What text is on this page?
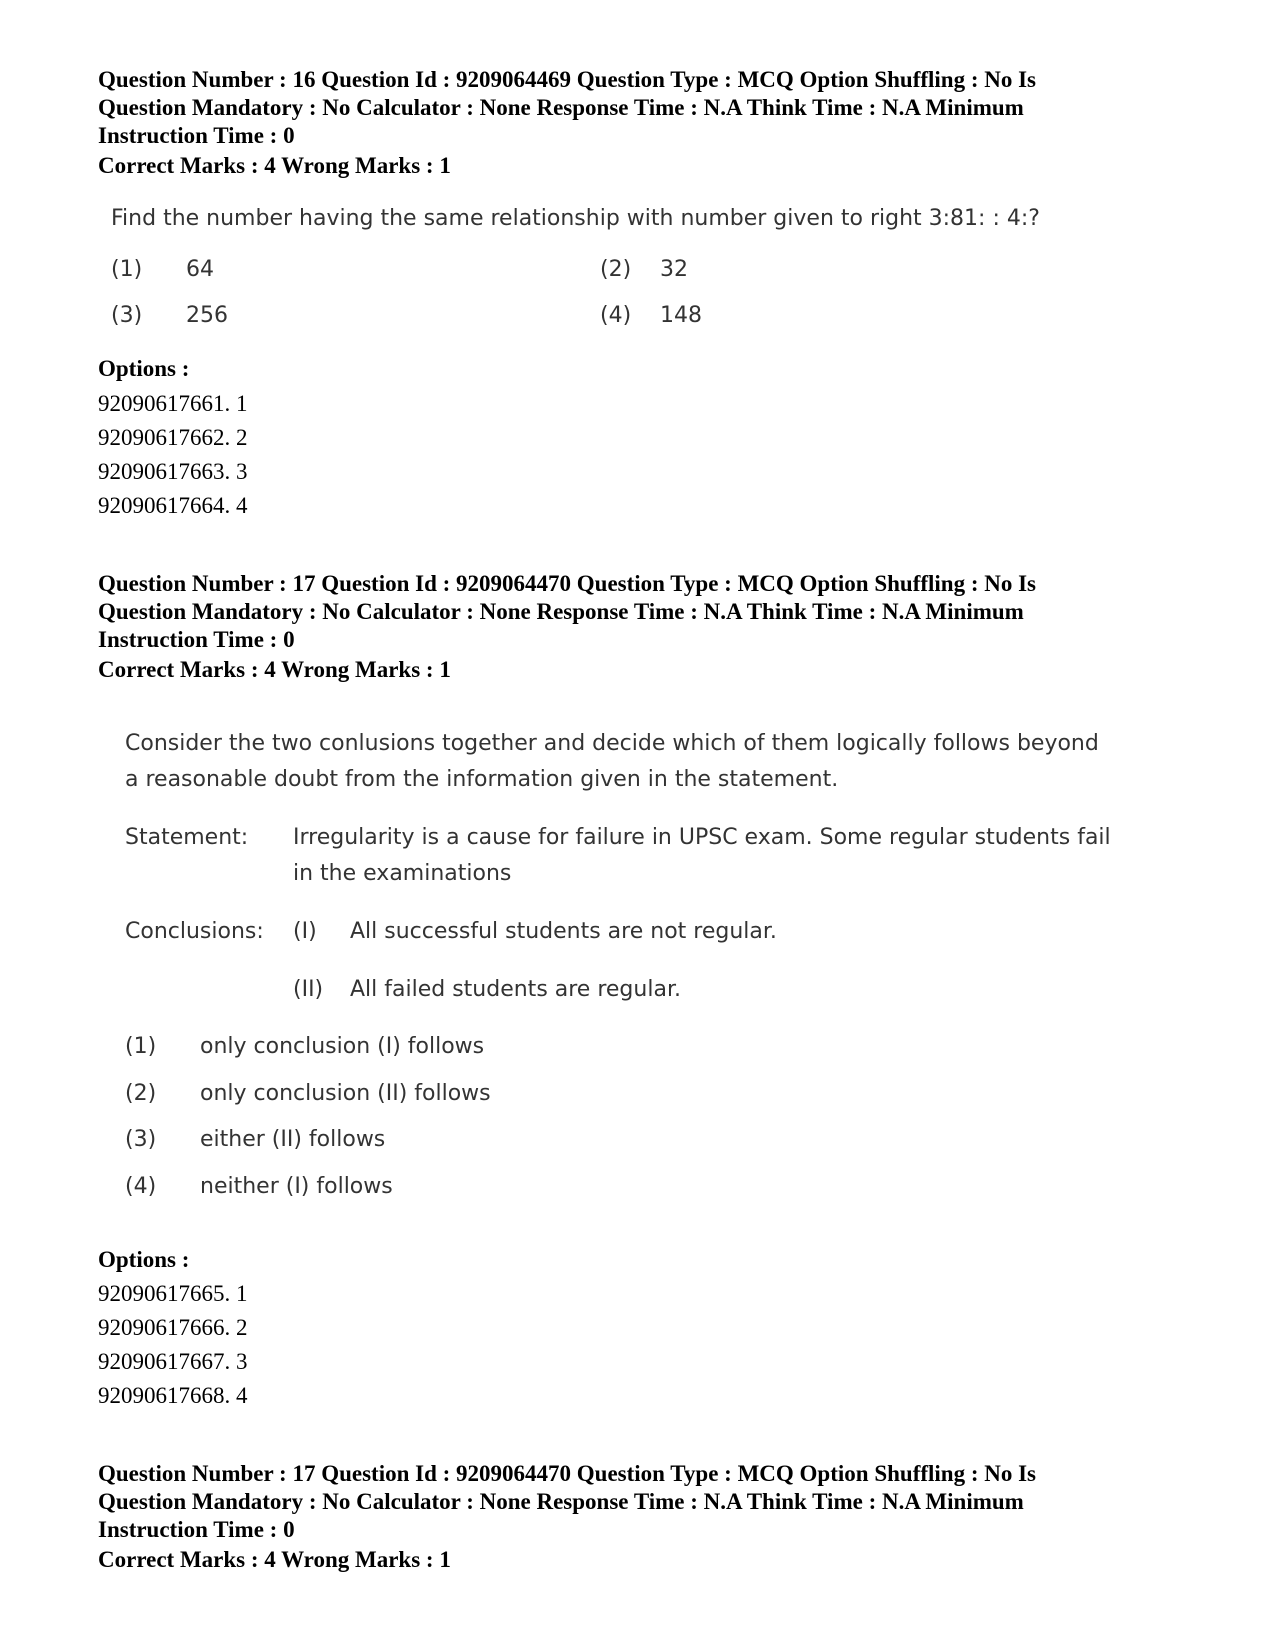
Question Number : 16 Question Id : 9209064469 Question Type : MCQ Option Shuffling : No Is
Question Mandatory : No Calculator : None Response Time : N.A Think Time : N.A Minimum
Instruction Time : 0
Correct Marks : 4 Wrong Marks : 1
Find the number having the same relationship with number given to right 3:81: : 4:?
(1) 64	(2) 32
(3) 256	(4) 148
Options :
92090617661. 1
92090617662. 2
92090617663. 3
92090617664. 4
Question Number : 17 Question Id : 9209064470 Question Type : MCQ Option Shuffling : No Is
Question Mandatory : No Calculator : None Response Time : N.A Think Time : N.A Minimum
Instruction Time : 0
Correct Marks : 4 Wrong Marks : 1
Consider the two conlusions together and decide which of them logically follows beyond
a reasonable doubt from the information given in the statement.
Statement: Irregularity is a cause for failure in UPSC exam. Some regular students fail
in the examinations
Conclusions: (I) All successful students are not regular.
(II) All failed students are regular.
(1) only conclusion (I) follows
(2) only conclusion (II) follows
(3) either (II) follows
(4) neither (I) follows
Options :
92090617665. 1
92090617666. 2
92090617667. 3
92090617668. 4
Question Number : 17 Question Id : 9209064470 Question Type : MCQ Option Shuffling : No Is
Question Mandatory : No Calculator : None Response Time : N.A Think Time : N.A Minimum
Instruction Time : 0
Correct Marks : 4 Wrong Marks : 1
